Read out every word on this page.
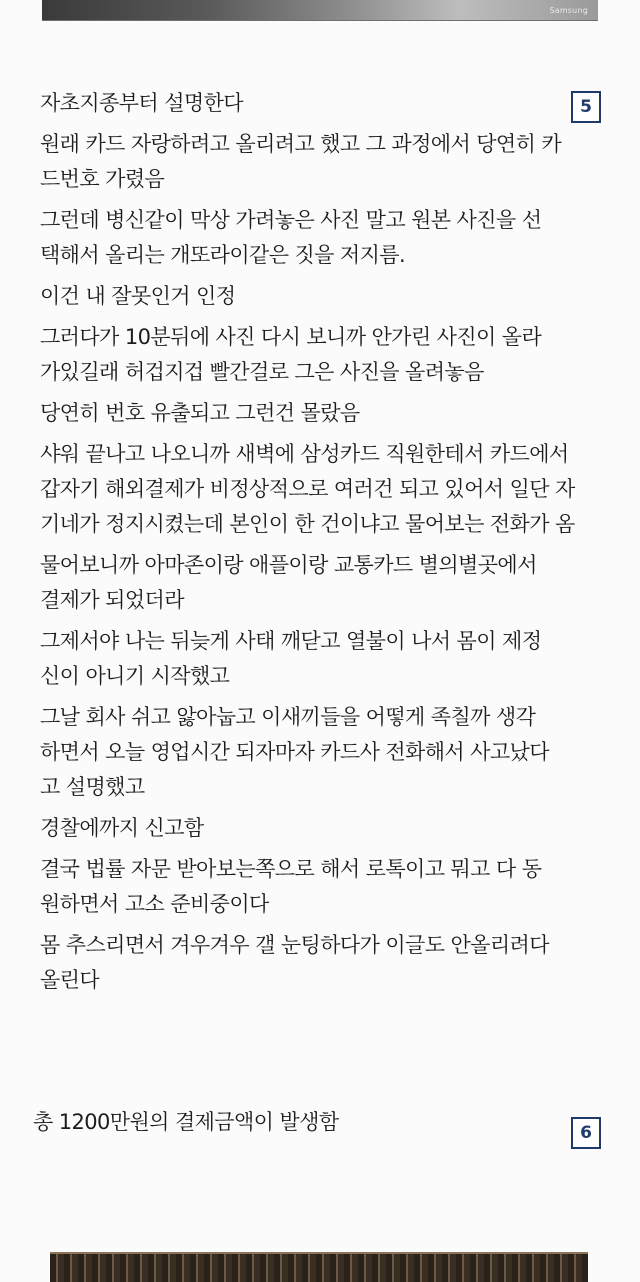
Samsung
5
자초지종부터 설명한다
원래 카드 자랑하려고 올리려고 했고 그 과정에서 당연히 카
드번호 가렸음
그런데 병신같이 막상 가려놓은 사진 말고 원본 사진을 선
택해서 올리는 개또라이같은 짓을 저지름.
이건 내 잘못인거 인정
그러다가 10분뒤에 사진 다시 보니까 안가린 사진이 올라
가있길래 허겁지겁 빨간걸로 그은 사진을 올려놓음
당연히 번호 유출되고 그런건 몰랐음
샤워 끝나고 나오니까 새벽에 삼성카드 직원한테서 카드에서
갑자기 해외결제가 비정상적으로 여러건 되고 있어서 일단 자
기네가 정지시켰는데 본인이 한 건이냐고 물어보는 전화가 옴
물어보니까 아마존이랑 애플이랑 교통카드 별의별곳에서
결제가 되었더라
그제서야 나는 뒤늦게 사태 깨닫고 열불이 나서 몸이 제정
신이 아니기 시작했고
그날 회사 쉬고 앓아눕고 이새끼들을 어떻게 족칠까 생각
하면서 오늘 영업시간 되자마자 카드사 전화해서 사고났다
고 설명했고
경찰에까지 신고함
결국 법률 자문 받아보는쪽으로 해서 로톡이고 뭐고 다 동
원하면서 고소 준비중이다
몸 추스리면서 겨우겨우 갤 눈팅하다가 이글도 안올리려다
올린다
총 1200만원의 결제금액이 발생함	6
